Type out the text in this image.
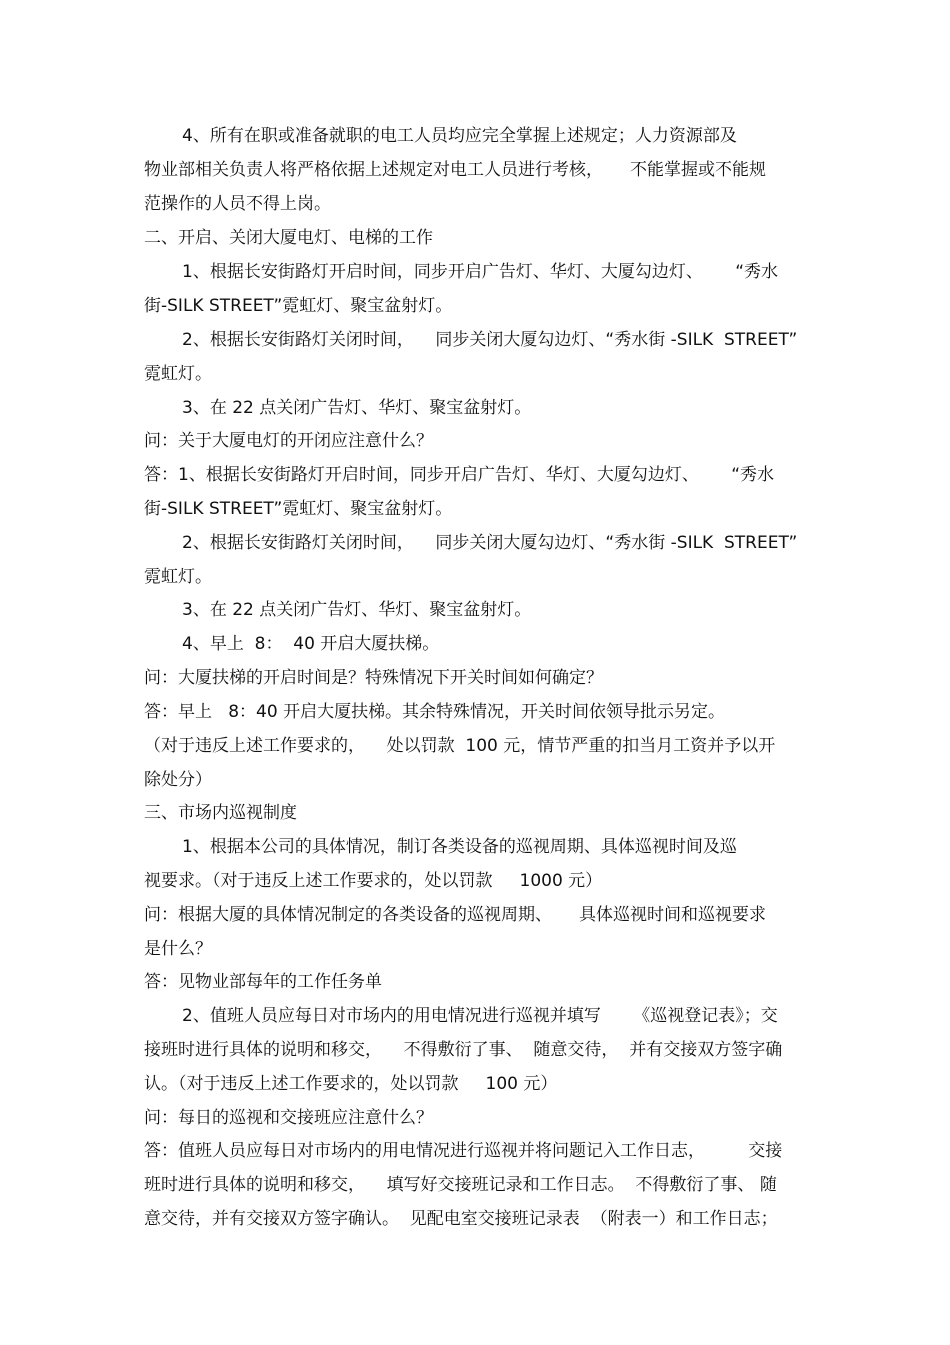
4、所有在职或准备就职的电工人员均应完全掌握上述规定；人力资源部及
物业部相关负责人将严格依据上述规定对电工人员进行考核，     不能掌握或不能规
范操作的人员不得上岗。
二、开启、关闭大厦电灯、电梯的工作
1、根据长安街路灯开启时间，同步开启广告灯、华灯、大厦勾边灯、      “秀水
街-SILK STREET”霓虹灯、聚宝盆射灯。
2、根据长安街路灯关闭时间，    同步关闭大厦勾边灯、“秀水街 -SILK  STREET”
霓虹灯。
3、在 22 点关闭广告灯、华灯、聚宝盆射灯。
问：关于大厦电灯的开闭应注意什么？
答：1、根据长安街路灯开启时间，同步开启广告灯、华灯、大厦勾边灯、      “秀水
街-SILK STREET”霓虹灯、聚宝盆射灯。
2、根据长安街路灯关闭时间，    同步关闭大厦勾边灯、“秀水街 -SILK  STREET”
霓虹灯。
3、在 22 点关闭广告灯、华灯、聚宝盆射灯。
4、早上  8：  40 开启大厦扶梯。
问：大厦扶梯的开启时间是？特殊情况下开关时间如何确定？
答：早上   8：40 开启大厦扶梯。其余特殊情况，开关时间依领导批示另定。
（对于违反上述工作要求的，    处以罚款  100 元，情节严重的扣当月工资并予以开
除处分）
三、市场内巡视制度
1、根据本公司的具体情况，制订各类设备的巡视周期、具体巡视时间及巡
视要求。（对于违反上述工作要求的，处以罚款     1000 元）
问：根据大厦的具体情况制定的各类设备的巡视周期、     具体巡视时间和巡视要求
是什么？
答：见物业部每年的工作任务单
2、值班人员应每日对市场内的用电情况进行巡视并填写      《巡视登记表》；交
接班时进行具体的说明和移交，    不得敷衍了事、  随意交待，  并有交接双方签字确
认。（对于违反上述工作要求的，处以罚款     100 元）
问：每日的巡视和交接班应注意什么？
答：值班人员应每日对市场内的用电情况进行巡视并将问题记入工作日志，        交接
班时进行具体的说明和移交，    填写好交接班记录和工作日志。  不得敷衍了事、 随
意交待，并有交接双方签字确认。  见配电室交接班记录表  （附表一）和工作日志；
